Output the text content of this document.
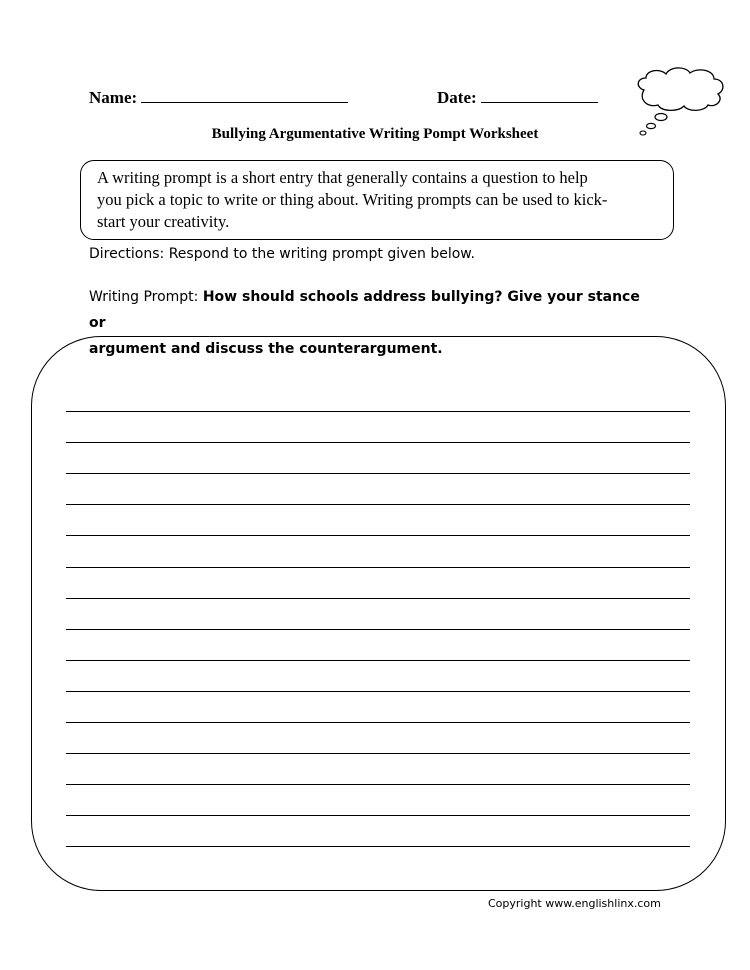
Name:	Date:
Bullying Argumentative Writing Pompt Worksheet
A writing prompt is a short entry that generally contains a question to help
you pick a topic to write or thing about. Writing prompts can be used to kick-
start your creativity.
Directions: Respond to the writing prompt given below.
Writing Prompt: How should schools address bullying? Give your stance or
argument and discuss the counterargument.
Copyright www.englishlinx.com
